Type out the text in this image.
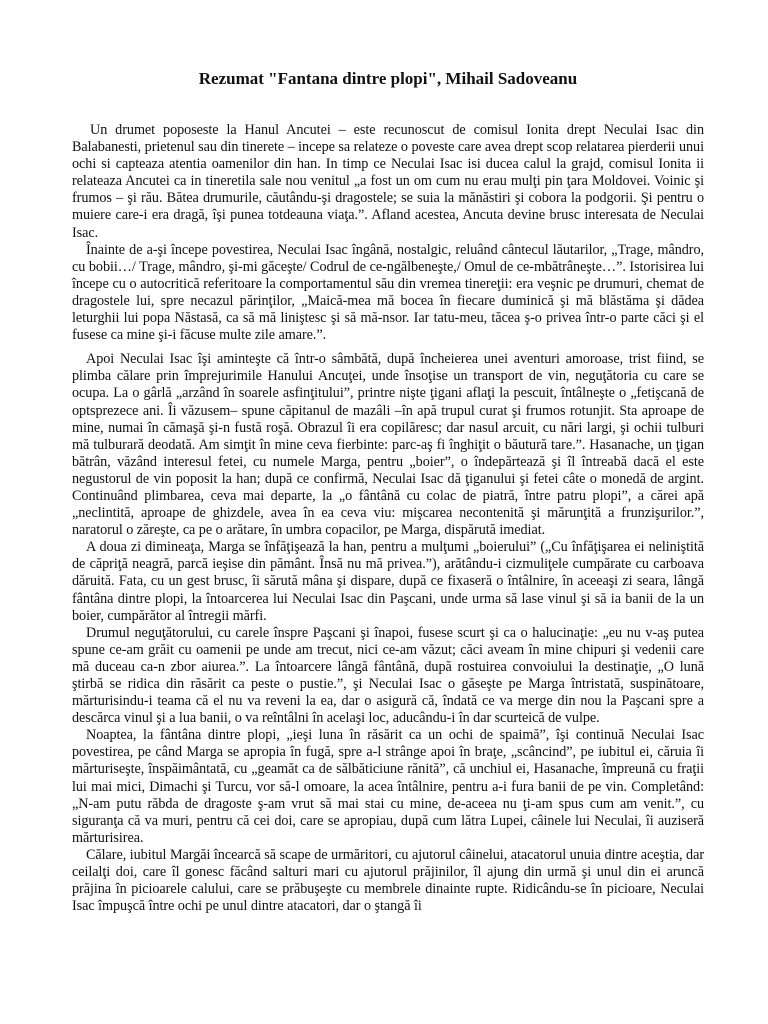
Rezumat "Fantana dintre plopi", Mihail Sadoveanu

Un drumet poposeste la Hanul Ancutei – este recunoscut de comisul Ionita drept Neculai Isac din Balabanesti, prietenul sau din tinerete – incepe sa relateze o poveste care avea drept scop relatarea pierderii unui ochi si capteaza atentia oamenilor din han. In timp ce Neculai Isac isi ducea calul la grajd, comisul Ionita ii relateaza Ancutei ca in tineretila sale nou venitul „a fost un om cum nu erau mulţi pin ţara Moldovei. Voinic şi frumos – şi rău. Bătea drumurile, căutându-şi dragostele; se suia la mănăstiri şi cobora la podgorii. Şi pentru o muiere care-i era dragă, îşi punea totdeauna viaţa.”. Afland acestea, Ancuta devine brusc interesata de Neculai Isac.

Înainte de a-şi începe povestirea, Neculai Isac îngână, nostalgic, reluând cântecul lăutarilor, „Trage, mândro, cu bobii…/ Trage, mândro, şi-mi găceşte/ Codrul de ce-ngălbeneşte,/ Omul de ce-mbătrâneşte…”. Istorisirea lui începe cu o autocritică referitoare la comportamentul său din vremea tinereţii: era veşnic pe drumuri, chemat de dragostele lui, spre necazul părinţilor, „Maică-mea mă bocea în fiecare duminică şi mă blăstăma şi dădea leturghii lui popa Năstasă, ca să mă liniştesc şi să mă-nsor. Iar tatu-meu, tăcea ş-o privea într-o parte căci şi el fusese ca mine şi-i făcuse multe zile amare.”.

Apoi Neculai Isac îşi aminteşte că într-o sâmbătă, după încheierea unei aventuri amoroase, trist fiind, se plimba călare prin împrejurimile Hanului Ancuţei, unde însoţise un transport de vin, neguţătoria cu care se ocupa. La o gârlă „arzând în soarele asfinţitului”, printre nişte ţigani aflaţi la pescuit, întâlneşte o „fetişcană de optsprezece ani. Îi văzusem– spune căpitanul de mazâli –în apă trupul curat şi frumos rotunjit. Sta aproape de mine, numai în cămaşă şi-n fustă roşă. Obrazul îi era copilăresc; dar nasul arcuit, cu nări largi, şi ochii tulburi mă tulburară deodată. Am simţit în mine ceva fierbinte: parc-aş fi înghiţit o băutură tare.”. Hasanache, un ţigan bătrân, văzând interesul fetei, cu numele Marga, pentru „boier”, o îndepărtează şi îl întreabă dacă el este negustorul de vin poposit la han; după ce confirmă, Neculai Isac dă ţiganului şi fetei câte o monedă de argint. Continuând plimbarea, ceva mai departe, la „o fântână cu colac de piatră, între patru plopi”, a cărei apă „neclintită, aproape de ghizdele, avea în ea ceva viu: mişcarea necontenită şi mărunţită a frunzişurilor.”, naratorul o zăreşte, ca pe o arătare, în umbra copacilor, pe Marga, dispărută imediat.

A doua zi dimineaţa, Marga se înfăţişează la han, pentru a mulţumi „boierului” („Cu înfăţişarea ei neliniştită de căpriţă neagră, parcă ieşise din pământ. Însă nu mă privea.”), arătându-i cizmuliţele cumpărate cu carboava dăruită. Fata, cu un gest brusc, îi sărută mâna şi dispare, după ce fixaseră o întâlnire, în aceeaşi zi seara, lângă fântâna dintre plopi, la întoarcerea lui Neculai Isac din Paşcani, unde urma să lase vinul şi să ia banii de la un boier, cumpărător al întregii mărfi.

Drumul neguţătorului, cu carele înspre Paşcani şi înapoi, fusese scurt şi ca o halucinaţie: „eu nu v-aş putea spune ce-am grăit cu oamenii pe unde am trecut, nici ce-am văzut; căci aveam în mine chipuri şi vedenii care mă duceau ca-n zbor aiurea.”. La întoarcere lângă fântână, după rostuirea convoiului la destinaţie, „O lună ştirbă se ridica din răsărit ca peste o pustie.”, şi Neculai Isac o găseşte pe Marga întristată, suspinătoare, mărturisindu-i teama că el nu va reveni la ea, dar o asigură că, îndată ce va merge din nou la Paşcani spre a descărca vinul şi a lua banii, o va reîntâlni în acelaşi loc, aducându-i în dar scurteică de vulpe.

Noaptea, la fântâna dintre plopi, „ieşi luna în răsărit ca un ochi de spaimă”, îşi continuă Neculai Isac povestirea, pe când Marga se apropia în fugă, spre a-l strânge apoi în braţe, „scâncind”, pe iubitul ei, căruia îi mărturiseşte, înspăimântată, cu „geamăt ca de sălbăticiune rănită”, că unchiul ei, Hasanache, împreună cu fraţii lui mai mici, Dimachi şi Turcu, vor să-l omoare, la acea întâlnire, pentru a-i fura banii de pe vin. Completând: „N-am putu răbda de dragoste ş-am vrut să mai stai cu mine, de-aceea nu ţi-am spus cum am venit.”, cu siguranţa că va muri, pentru că cei doi, care se apropiau, după cum lătra Lupei, câinele lui Neculai, îi auziseră mărturisirea.

Călare, iubitul Margăi încearcă să scape de urmăritori, cu ajutorul câinelui, atacatorul unuia dintre aceştia, dar ceilalţi doi, care îl gonesc făcând salturi mari cu ajutorul prăjinilor, îl ajung din urmă şi unul din ei aruncă prăjina în picioarele calului, care se prăbuşeşte cu membrele dinainte rupte. Ridicându-se în picioare, Neculai Isac împuşcă între ochi pe unul dintre atacatori, dar o ştangă îi
